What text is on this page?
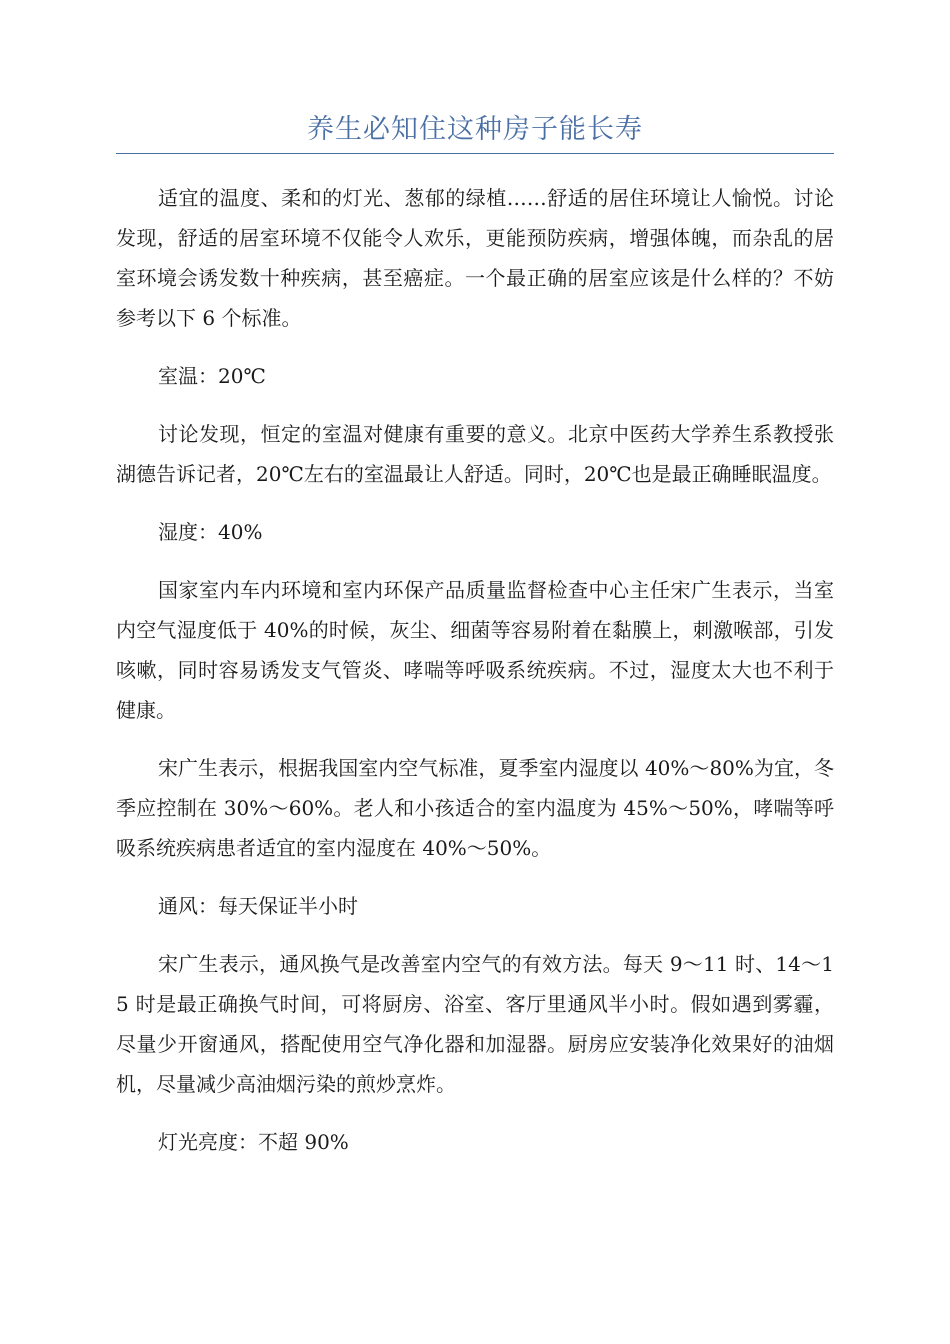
养生必知住这种房子能长寿

适宜的温度、柔和的灯光、葱郁的绿植……舒适的居住环境让人愉悦。讨论发现，舒适的居室环境不仅能令人欢乐，更能预防疾病，增强体魄，而杂乱的居室环境会诱发数十种疾病，甚至癌症。一个最正确的居室应该是什么样的？不妨参考以下 6 个标准。

室温：20℃

讨论发现，恒定的室温对健康有重要的意义。北京中医药大学养生系教授张湖德告诉记者，20℃左右的室温最让人舒适。同时，20℃也是最正确睡眠温度。

湿度：40%

国家室内车内环境和室内环保产品质量监督检查中心主任宋广生表示，当室内空气湿度低于 40%的时候，灰尘、细菌等容易附着在黏膜上，刺激喉部，引发咳嗽，同时容易诱发支气管炎、哮喘等呼吸系统疾病。不过，湿度太大也不利于健康。

宋广生表示，根据我国室内空气标准，夏季室内湿度以 40%～80%为宜，冬季应控制在 30%～60%。老人和小孩适合的室内温度为 45%～50%，哮喘等呼吸系统疾病患者适宜的室内湿度在 40%～50%。

通风：每天保证半小时

宋广生表示，通风换气是改善室内空气的有效方法。每天 9～11 时、14～15 时是最正确换气时间，可将厨房、浴室、客厅里通风半小时。假如遇到雾霾，尽量少开窗通风，搭配使用空气净化器和加湿器。厨房应安装净化效果好的油烟机，尽量减少高油烟污染的煎炒烹炸。

灯光亮度：不超 90%
